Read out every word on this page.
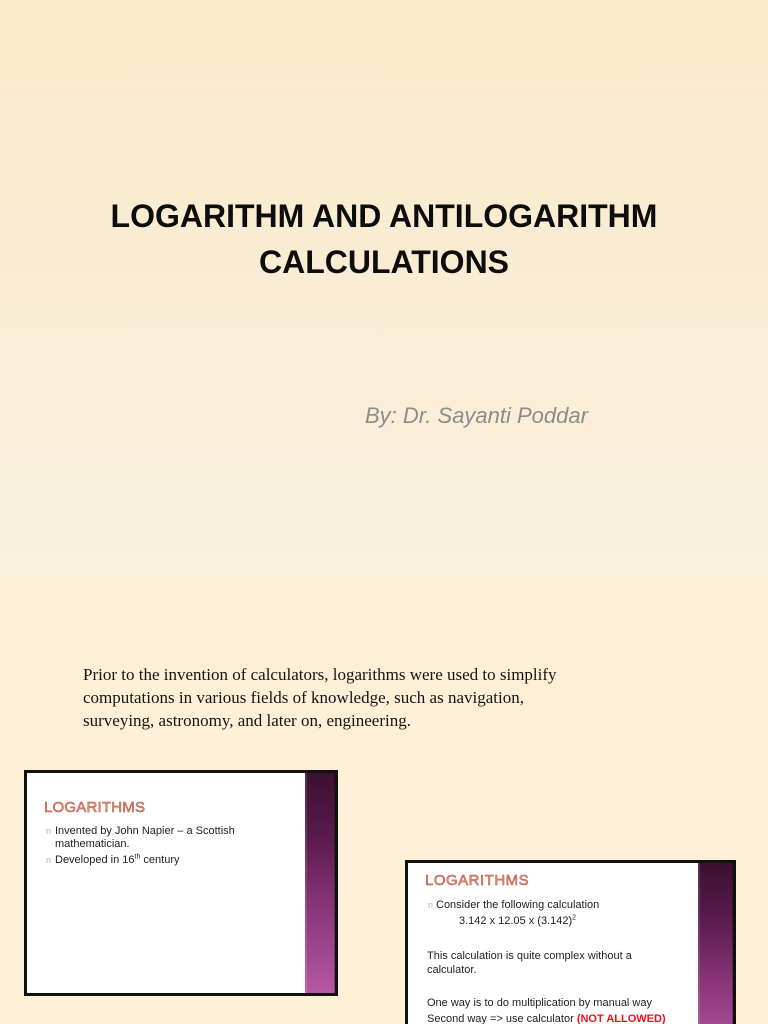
LOGARITHM AND ANTILOGARITHM CALCULATIONS
By: Dr. Sayanti Poddar

Prior to the invention of calculators, logarithms were used to simplify
computations in various fields of knowledge, such as navigation,
surveying, astronomy, and later on, engineering.

LOGARITHMS
n Invented by John Napier – a Scottish mathematician.
n Developed in 16th century
LOGARITHMS
n Consider the following calculation
3.142 x 12.05 x $(3.142)^2$
This calculation is quite complex without a calculator.
One way is to do multiplication by manual way
Second way => use calculator (NOT ALLOWED)
